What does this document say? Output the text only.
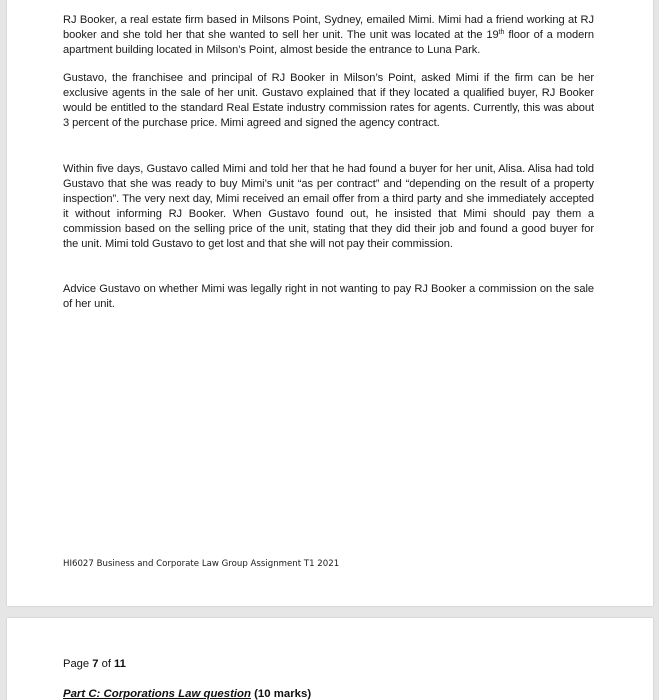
RJ Booker, a real estate firm based in Milsons Point, Sydney, emailed Mimi. Mimi had a friend working at RJ booker and she told her that she wanted to sell her unit. The unit was located at the 19th floor of a modern apartment building located in Milson’s Point, almost beside the entrance to Luna Park.

Gustavo, the franchisee and principal of RJ Booker in Milson’s Point, asked Mimi if the firm can be her exclusive agents in the sale of her unit. Gustavo explained that if they located a qualified buyer, RJ Booker would be entitled to the standard Real Estate industry commission rates for agents. Currently, this was about 3 percent of the purchase price. Mimi agreed and signed the agency contract.

Within five days, Gustavo called Mimi and told her that he had found a buyer for her unit, Alisa. Alisa had told Gustavo that she was ready to buy Mimi’s unit “as per contract” and “depending on the result of a property inspection”. The very next day, Mimi received an email offer from a third party and she immediately accepted it without informing RJ Booker. When Gustavo found out, he insisted that Mimi should pay them a commission based on the selling price of the unit, stating that they did their job and found a good buyer for the unit. Mimi told Gustavo to get lost and that she will not pay their commission.

Advice Gustavo on whether Mimi was legally right in not wanting to pay RJ Booker a commission on the sale of her unit.

HI6027 Business and Corporate Law Group Assignment T1 2021

Page 7 of 11

Part C: Corporations Law question (10 marks)
